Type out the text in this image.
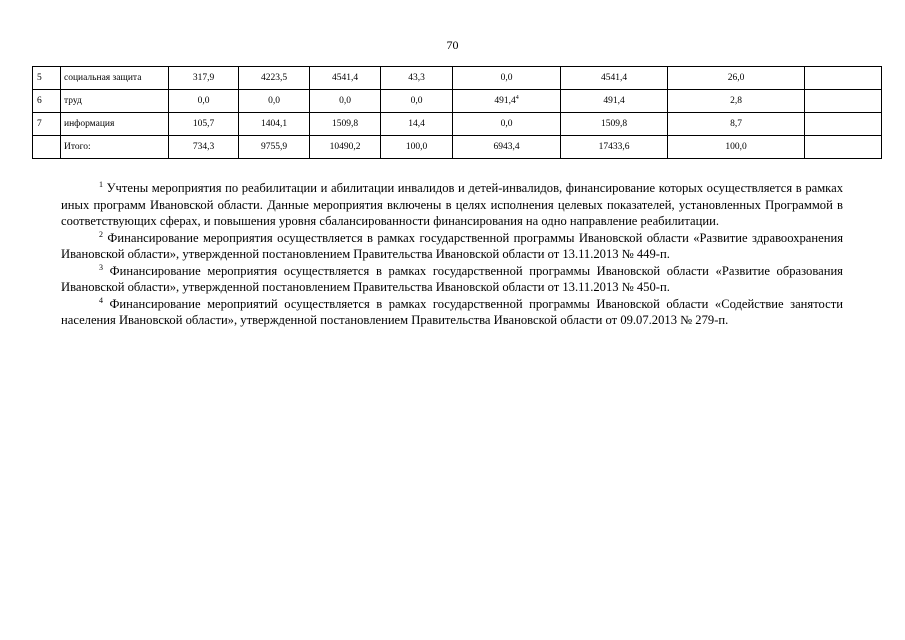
70
5	социальная защита	317,9	4223,5	4541,4	43,3	0,0	4541,4	26,0	
6	труд	0,0	0,0	0,0	0,0	491,4$^4$	491,4	2,8	
7	информация	105,7	1404,1	1509,8	14,4	0,0	1509,8	8,7	
	Итого:	734,3	9755,9	10490,2	100,0	6943,4	17433,6	100,0	

$^1$ Учтены мероприятия по реабилитации и абилитации инвалидов и детей-инвалидов, финансирование которых осуществляется в рамках иных программ Ивановской области. Данные мероприятия включены в целях исполнения целевых показателей, установленных Программой в соответствующих сферах, и повышения уровня сбалансированности финансирования на одно направление реабилитации.

$^2$ Финансирование мероприятия осуществляется в рамках государственной программы Ивановской области «Развитие здравоохранения Ивановской области», утвержденной постановлением Правительства Ивановской области от 13.11.2013 № 449-п.

$^3$ Финансирование мероприятия осуществляется в рамках государственной программы Ивановской области «Развитие образования Ивановской области», утвержденной постановлением Правительства Ивановской области от 13.11.2013 № 450-п.

$^4$ Финансирование мероприятий осуществляется в рамках государственной программы Ивановской области «Содействие занятости населения Ивановской области», утвержденной постановлением Правительства Ивановской области от 09.07.2013 № 279-п.
